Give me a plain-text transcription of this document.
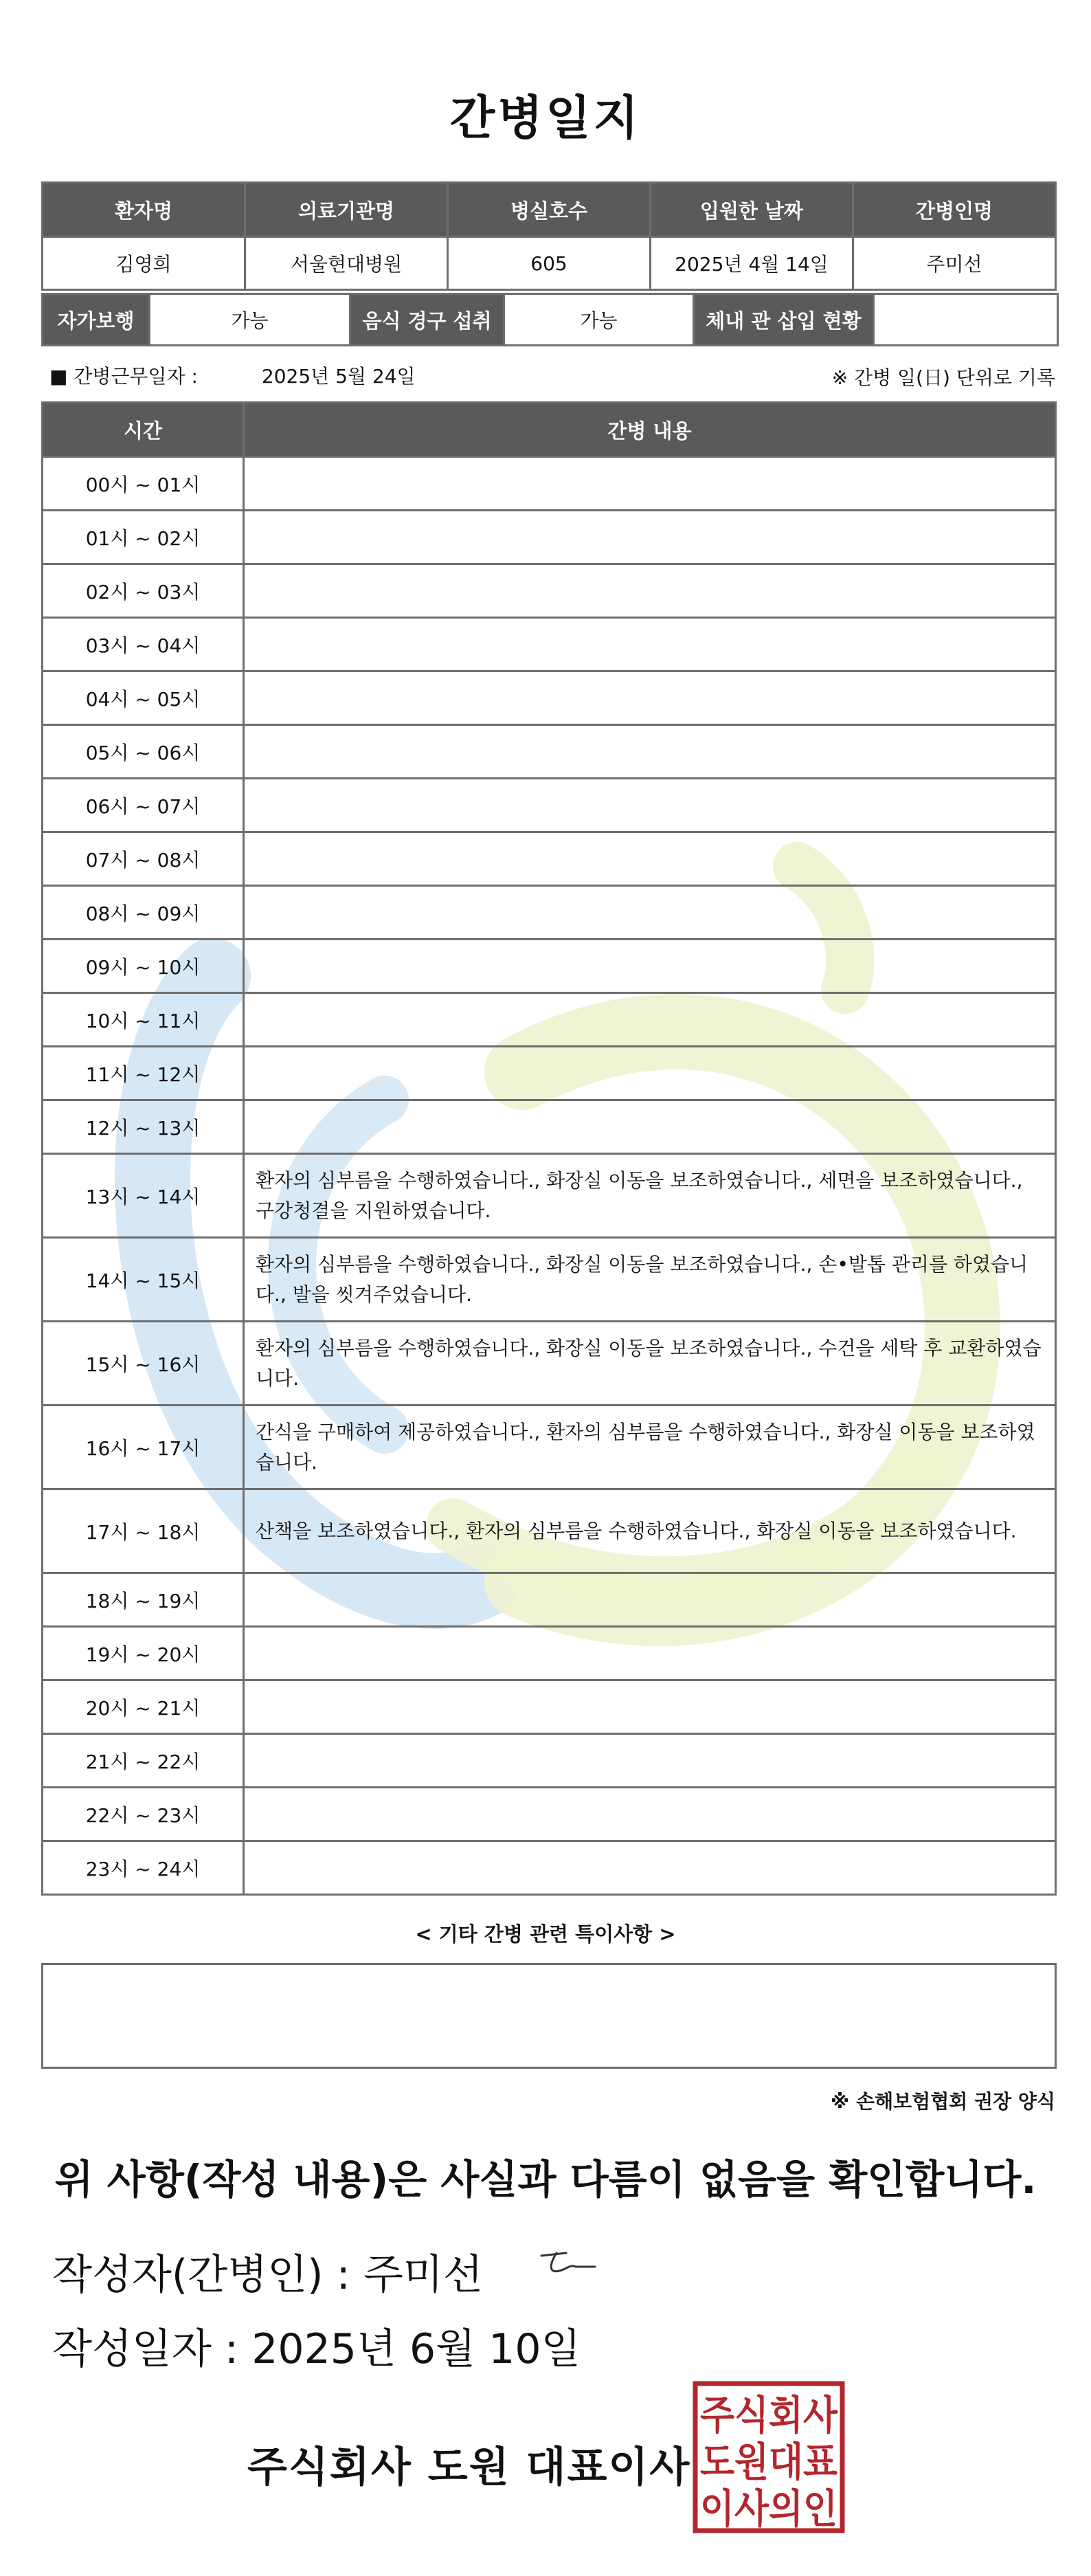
간병일지
환자명	의료기관명	병실호수	입원한 날짜	간병인명
김영희	서울현대병원	605	2025년 4월 14일	주미선
자가보행	가능	음식 경구 섭취	가능	체내 관 삽입 현황	
■ 간병근무일자 :	2025년 5월 24일	※ 간병 일(日) 단위로 기록
시간	간병 내용
00시 ~ 01시	
01시 ~ 02시	
02시 ~ 03시	
03시 ~ 04시	
04시 ~ 05시	
05시 ~ 06시	
06시 ~ 07시	
07시 ~ 08시	
08시 ~ 09시	
09시 ~ 10시	
10시 ~ 11시	
11시 ~ 12시	
12시 ~ 13시	
13시 ~ 14시	환자의 심부름을 수행하였습니다., 화장실 이동을 보조하였습니다., 세면을 보조하였습니다., 구강청결을 지원하였습니다.
14시 ~ 15시	환자의 심부름을 수행하였습니다., 화장실 이동을 보조하였습니다., 손•발톱 관리를 하였습니다., 발을 씻겨주었습니다.
15시 ~ 16시	환자의 심부름을 수행하였습니다., 화장실 이동을 보조하였습니다., 수건을 세탁 후 교환하였습니다.
16시 ~ 17시	간식을 구매하여 제공하였습니다., 환자의 심부름을 수행하였습니다., 화장실 이동을 보조하였습니다.
17시 ~ 18시	산책을 보조하였습니다., 환자의 심부름을 수행하였습니다., 화장실 이동을 보조하였습니다.
18시 ~ 19시	
19시 ~ 20시	
20시 ~ 21시	
21시 ~ 22시	
22시 ~ 23시	
23시 ~ 24시	
< 기타 간병 관련 특이사항 >
※ 손해보험협회 권장 양식
위 사항(작성 내용)은 사실과 다름이 없음을 확인합니다.
작성자(간병인) : 주미선
작성일자 : 2025년 6월 10일
주식회사 도원 대표이사
주식회사
도원대표
이사의인
